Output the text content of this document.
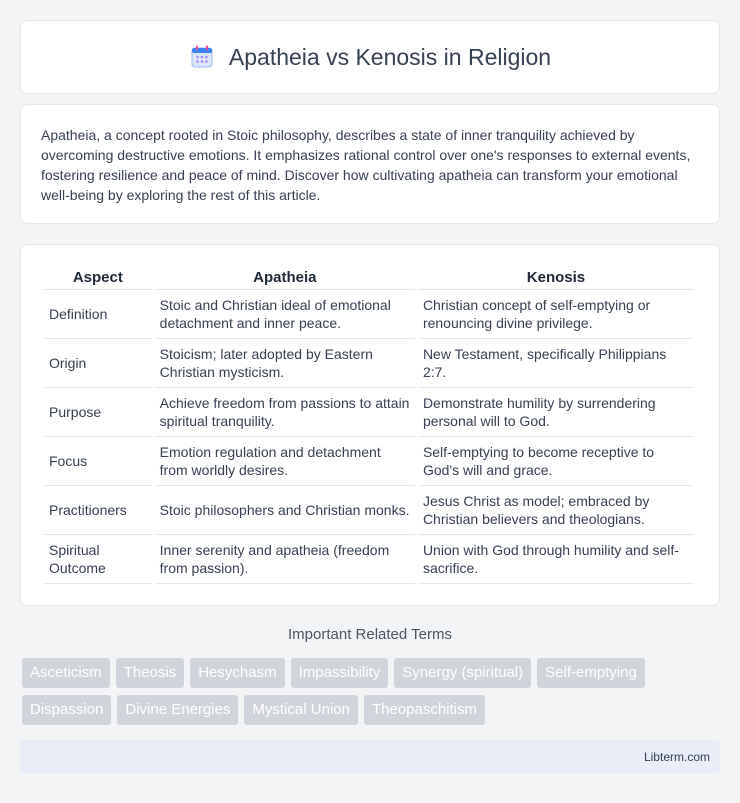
Apatheia vs Kenosis in Religion

Apatheia, a concept rooted in Stoic philosophy, describes a state of inner tranquility achieved by overcoming destructive emotions. It emphasizes rational control over one's responses to external events, fostering resilience and peace of mind. Discover how cultivating apatheia can transform your emotional well-being by exploring the rest of this article.

Aspect	Apatheia	Kenosis
Definition	Stoic and Christian ideal of emotional detachment and inner peace.	Christian concept of self-emptying or renouncing divine privilege.
Origin	Stoicism; later adopted by Eastern Christian mysticism.	New Testament, specifically Philippians 2:7.
Purpose	Achieve freedom from passions to attain spiritual tranquility.	Demonstrate humility by surrendering personal will to God.
Focus	Emotion regulation and detachment from worldly desires.	Self-emptying to become receptive to God's will and grace.
Practitioners	Stoic philosophers and Christian monks.	Jesus Christ as model; embraced by Christian believers and theologians.
Spiritual Outcome	Inner serenity and apatheia (freedom from passion).	Union with God through humility and self-sacrifice.
Important Related Terms
Asceticism	Theosis	Hesychasm	Impassibility	Synergy (spiritual)	Self-emptying
Dispassion	Divine Energies	Mystical Union	Theopaschitism
Libterm.com
